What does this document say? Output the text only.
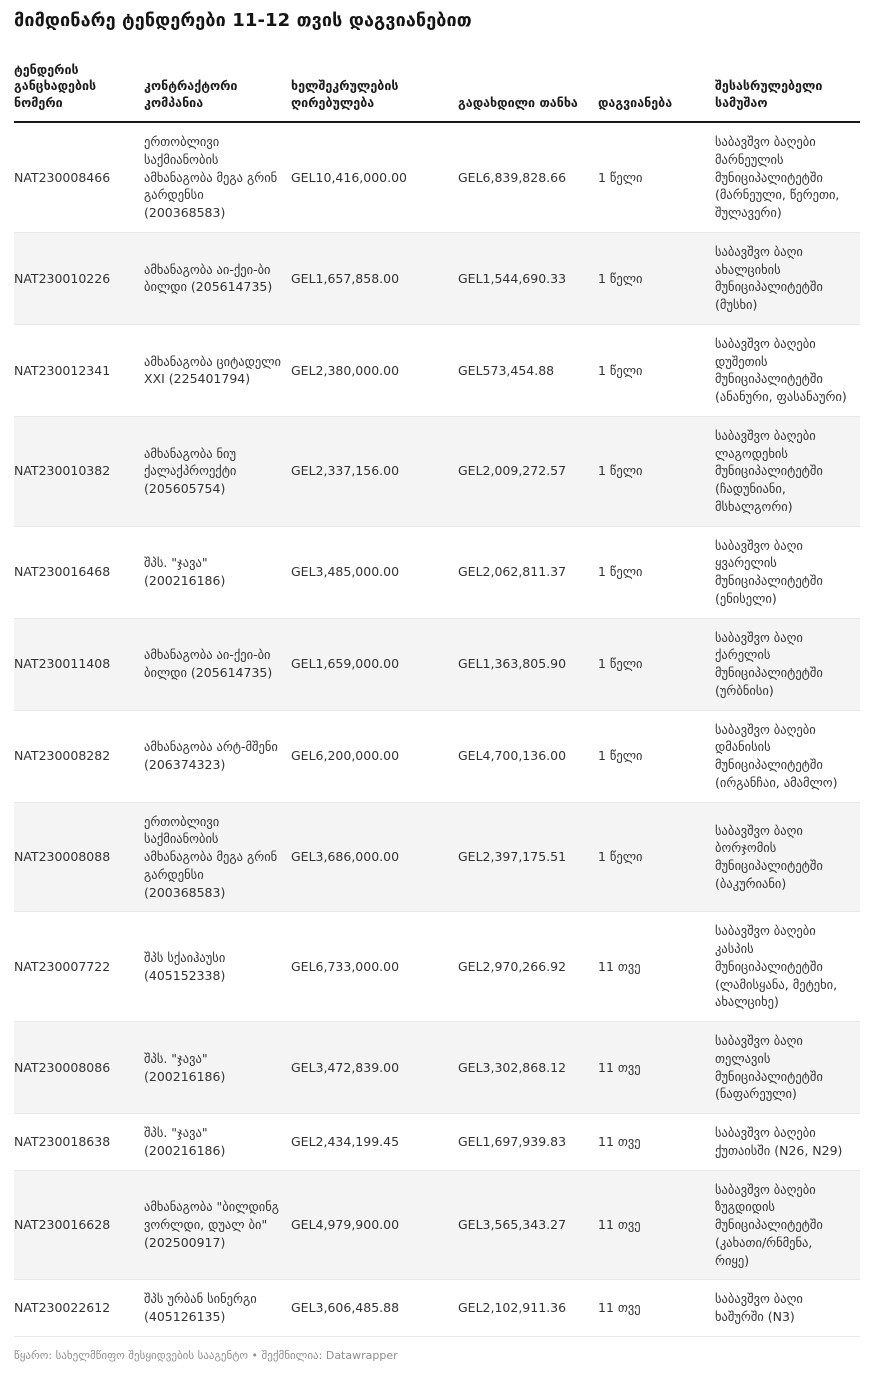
მიმდინარე ტენდერები 11-12 თვის დაგვიანებით
ტენდერის განცხადების ნომერი	კონტრაქტორი კომპანია	ხელშეკრულების ღირებულება	გადახდილი თანხა	დაგვიანება	შესასრულებელი სამუშაო
NAT230008466	ერთობლივი საქმიანობის ამხანაგობა მეგა გრინ გარდენსი (200368583)	GEL10,416,000.00	GEL6,839,828.66	1 წელი	საბავშვო ბაღები მარნეულის მუნიციპალიტეტში (მარნეული, წერეთი, შულავერი)
NAT230010226	ამხანაგობა აი-ქეი-ბი ბილდი (205614735)	GEL1,657,858.00	GEL1,544,690.33	1 წელი	საბავშვო ბაღი ახალციხის მუნიციპალიტეტში (მუსხი)
NAT230012341	ამხანაგობა ციტადელი XXI (225401794)	GEL2,380,000.00	GEL573,454.88	1 წელი	საბავშვო ბაღები დუშეთის მუნიციპალიტეტში (ანანური, ფასანაური)
NAT230010382	ამხანაგობა ნიუ ქალაქპროექტი (205605754)	GEL2,337,156.00	GEL2,009,272.57	1 წელი	საბავშვო ბაღები ლაგოდეხის მუნიციპალიტეტში (ჩადუნიანი, მსხალგორი)
NAT230016468	შპს. "ჯავა" (200216186)	GEL3,485,000.00	GEL2,062,811.37	1 წელი	საბავშვო ბაღი ყვარელის მუნიციპალიტეტში (ენისელი)
NAT230011408	ამხანაგობა აი-ქეი-ბი ბილდი (205614735)	GEL1,659,000.00	GEL1,363,805.90	1 წელი	საბავშვო ბაღი ქარელის მუნიციპალიტეტში (ურბნისი)
NAT230008282	ამხანაგობა არტ-მშენი (206374323)	GEL6,200,000.00	GEL4,700,136.00	1 წელი	საბავშვო ბაღები დმანისის მუნიციპალიტეტში (ირგანჩაი, ამამლო)
NAT230008088	ერთობლივი საქმიანობის ამხანაგობა მეგა გრინ გარდენსი (200368583)	GEL3,686,000.00	GEL2,397,175.51	1 წელი	საბავშვო ბაღი ბორჯომის მუნიციპალიტეტში (ბაკურიანი)
NAT230007722	შპს სქაიჰაუსი (405152338)	GEL6,733,000.00	GEL2,970,266.92	11 თვე	საბავშვო ბაღები კასპის მუნიციპალიტეტში (ლამისყანა, მეტეხი, ახალციხე)
NAT230008086	შპს. "ჯავა" (200216186)	GEL3,472,839.00	GEL3,302,868.12	11 თვე	საბავშვო ბაღი თელავის მუნიციპალიტეტში (ნაფარეული)
NAT230018638	შპს. "ჯავა" (200216186)	GEL2,434,199.45	GEL1,697,939.83	11 თვე	საბავშვო ბაღები ქუთაისში (N26, N29)
NAT230016628	ამხანაგობა "ბილდინგ ვორლდი, დუალ ბი" (202500917)	GEL4,979,900.00	GEL3,565,343.27	11 თვე	საბავშვო ბაღები ზუგდიდის მუნიციპალიტეტში (კახათი/რნმენა, რიყე)
NAT230022612	შპს ურბან სინერგი (405126135)	GEL3,606,485.88	GEL2,102,911.36	11 თვე	საბავშვო ბაღი ხაშურში (N3)
წყარო: სახელმწიფო შესყიდვების სააგენტო • შექმნილია: Datawrapper
